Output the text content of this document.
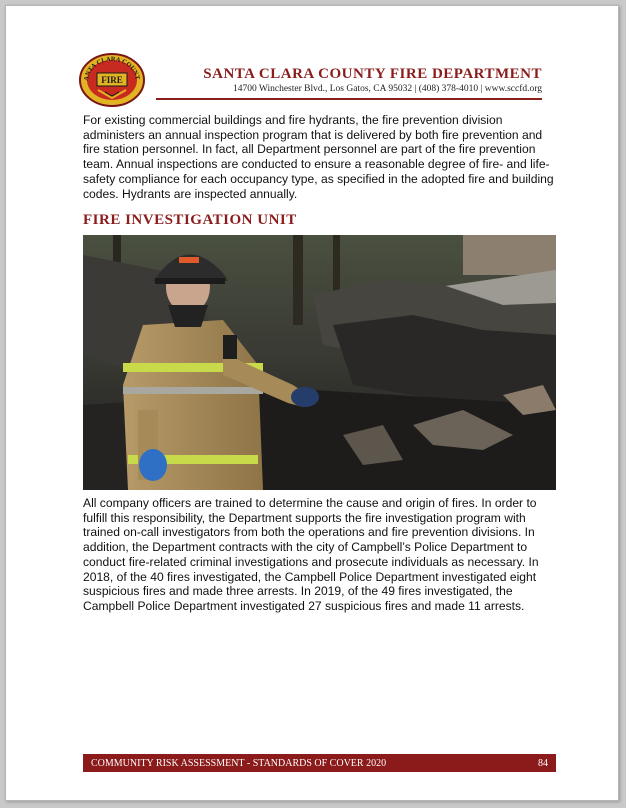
ANTA CLARA COUNT
FIRE	SANTA CLARA COUNTY FIRE DEPARTMENT
14700 Winchester Blvd., Los Gatos, CA 95032 | (408) 378-4010 | www.sccfd.org

For existing commercial buildings and fire hydrants, the fire prevention division administers an annual inspection program that is delivered by both fire prevention and fire station personnel. In fact, all Department personnel are part of the fire prevention team. Annual inspections are conducted to ensure a reasonable degree of fire- and life-safety compliance for each occupancy type, as specified in the adopted fire and building codes. Hydrants are inspected annually.

FIRE INVESTIGATION UNIT

All company officers are trained to determine the cause and origin of fires. In order to fulfill this responsibility, the Department supports the fire investigation program with trained on-call investigators from both the operations and fire prevention divisions. In addition, the Department contracts with the city of Campbell’s Police Department to conduct fire-related criminal investigations and prosecute individuals as necessary. In 2018, of the 40 fires investigated, the Campbell Police Department investigated eight suspicious fires and made three arrests. In 2019, of the 49 fires investigated, the Campbell Police Department investigated 27 suspicious fires and made 11 arrests.

COMMUNITY RISK ASSESSMENT - STANDARDS OF COVER 2020	84
